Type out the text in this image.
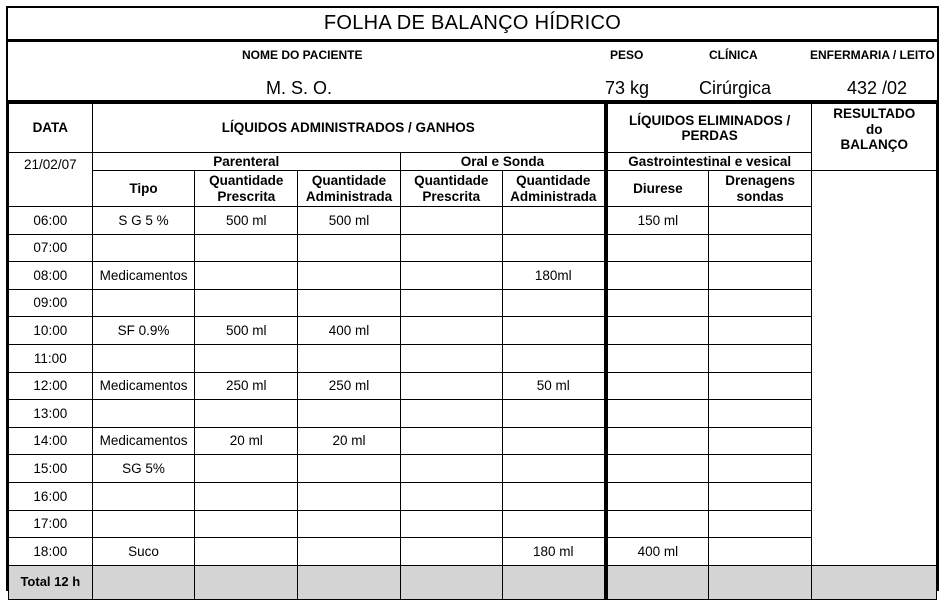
FOLHA DE BALANÇO HÍDRICO
NOME DO PACIENTE
M. S. O.
PESO
73 kg
CLÍNICA
Cirúrgica
ENFERMARIA / LEITO
432 /02
DATA	LÍQUIDOS ADMINISTRADOS / GANHOS					LÍQUIDOS ELIMINADOS / PERDAS		RESULTADO do BALANÇO
21/02/07	Parenteral			Oral e Sonda		Gastrointestinal e vesical		
	Tipo	Quantidade Prescrita	Quantidade Administrada	Quantidade Prescrita	Quantidade Administrada	Diurese	Drenagens sondas	
06:00	S G 5 %	500 ml	500 ml			150 ml		
07:00								
08:00	Medicamentos				180ml			
09:00								
10:00	SF 0.9%	500 ml	400 ml					
11:00								
12:00	Medicamentos	250 ml	250 ml		50 ml			
13:00								
14:00	Medicamentos	20 ml	20 ml					
15:00	SG 5%							
16:00								
17:00								
18:00	Suco				180 ml	400 ml		
Total 12 h								
